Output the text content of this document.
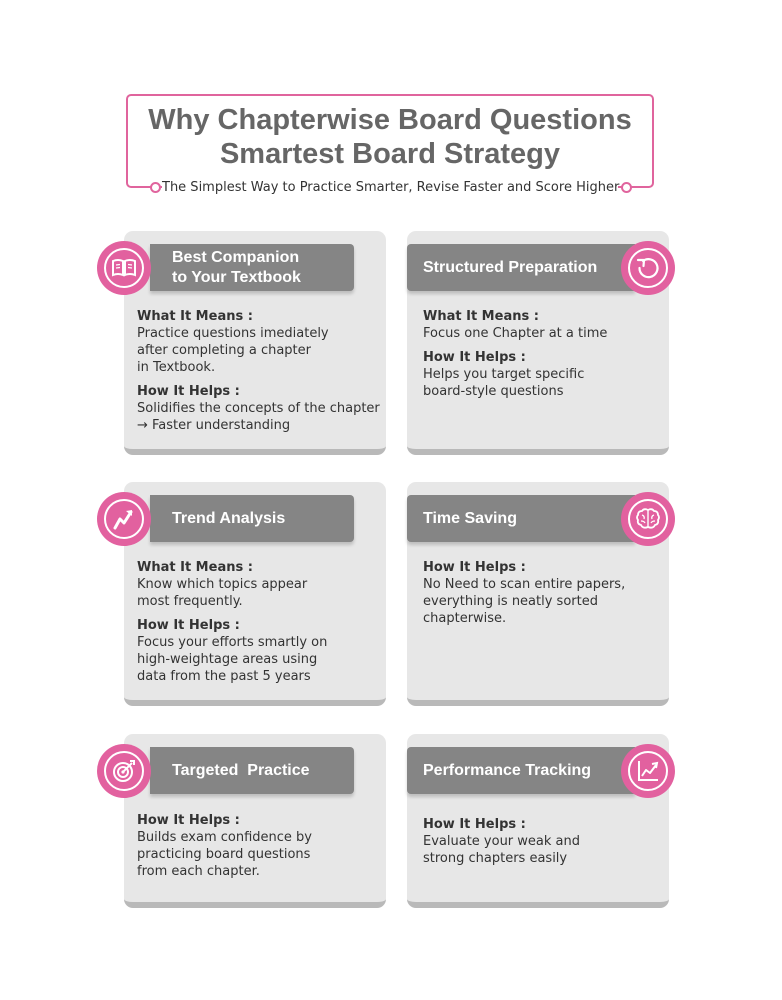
Why Chapterwise Board Questions
Smartest Board Strategy
The Simplest Way to Practice Smarter, Revise Faster and Score Higher
Best Companion
to Your Textbook
What It Means :
Practice questions imediately
after completing a chapter
in Textbook.
How It Helps :
Solidifies the concepts of the chapter
→ Faster understanding
Structured Preparation
What It Means :
Focus one Chapter at a time
How It Helps :
Helps you target specific
board-style questions
Trend Analysis
What It Means :
Know which topics appear
most frequently.
How It Helps :
Focus your efforts smartly on
high-weightage areas using
data from the past 5 years
Time Saving
How It Helps :
No Need to scan entire papers,
everything is neatly sorted
chapterwise.
Targeted  Practice
How It Helps :
Builds exam confidence by
practicing board questions
from each chapter.
Performance Tracking
How It Helps :
Evaluate your weak and
strong chapters easily
